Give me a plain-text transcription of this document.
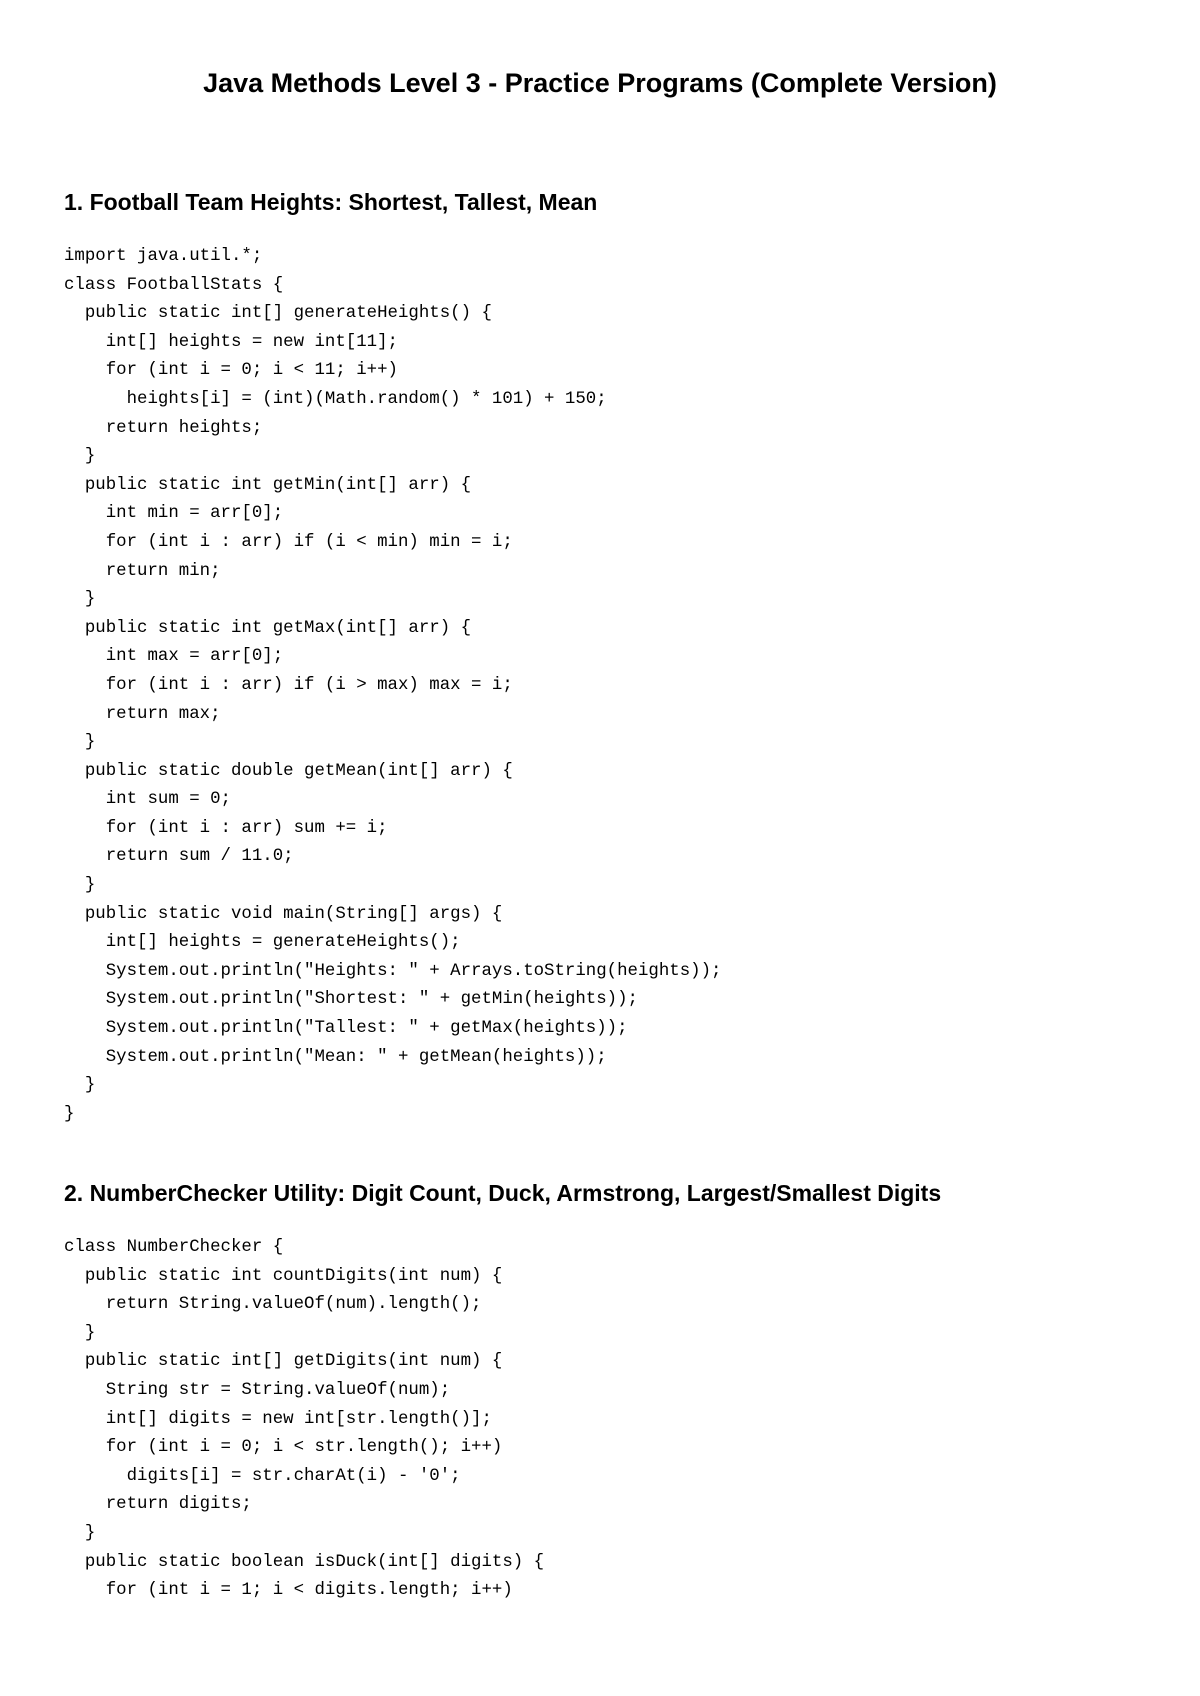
Java Methods Level 3 - Practice Programs (Complete Version)
1. Football Team Heights: Shortest, Tallest, Mean
import java.util.*;
class FootballStats {
public static int[] generateHeights() {
int[] heights = new int[11];
for (int i = 0; i < 11; i++)
heights[i] = (int)(Math.random() * 101) + 150;
return heights;
}
public static int getMin(int[] arr) {
int min = arr[0];
for (int i : arr) if (i < min) min = i;
return min;
}
public static int getMax(int[] arr) {
int max = arr[0];
for (int i : arr) if (i > max) max = i;
return max;
}
public static double getMean(int[] arr) {
int sum = 0;
for (int i : arr) sum += i;
return sum / 11.0;
}
public static void main(String[] args) {
int[] heights = generateHeights();
System.out.println("Heights: " + Arrays.toString(heights));
System.out.println("Shortest: " + getMin(heights));
System.out.println("Tallest: " + getMax(heights));
System.out.println("Mean: " + getMean(heights));
}
}
2. NumberChecker Utility: Digit Count, Duck, Armstrong, Largest/Smallest Digits
class NumberChecker {
public static int countDigits(int num) {
return String.valueOf(num).length();
}
public static int[] getDigits(int num) {
String str = String.valueOf(num);
int[] digits = new int[str.length()];
for (int i = 0; i < str.length(); i++)
digits[i] = str.charAt(i) - '0';
return digits;
}
public static boolean isDuck(int[] digits) {
for (int i = 1; i < digits.length; i++)
